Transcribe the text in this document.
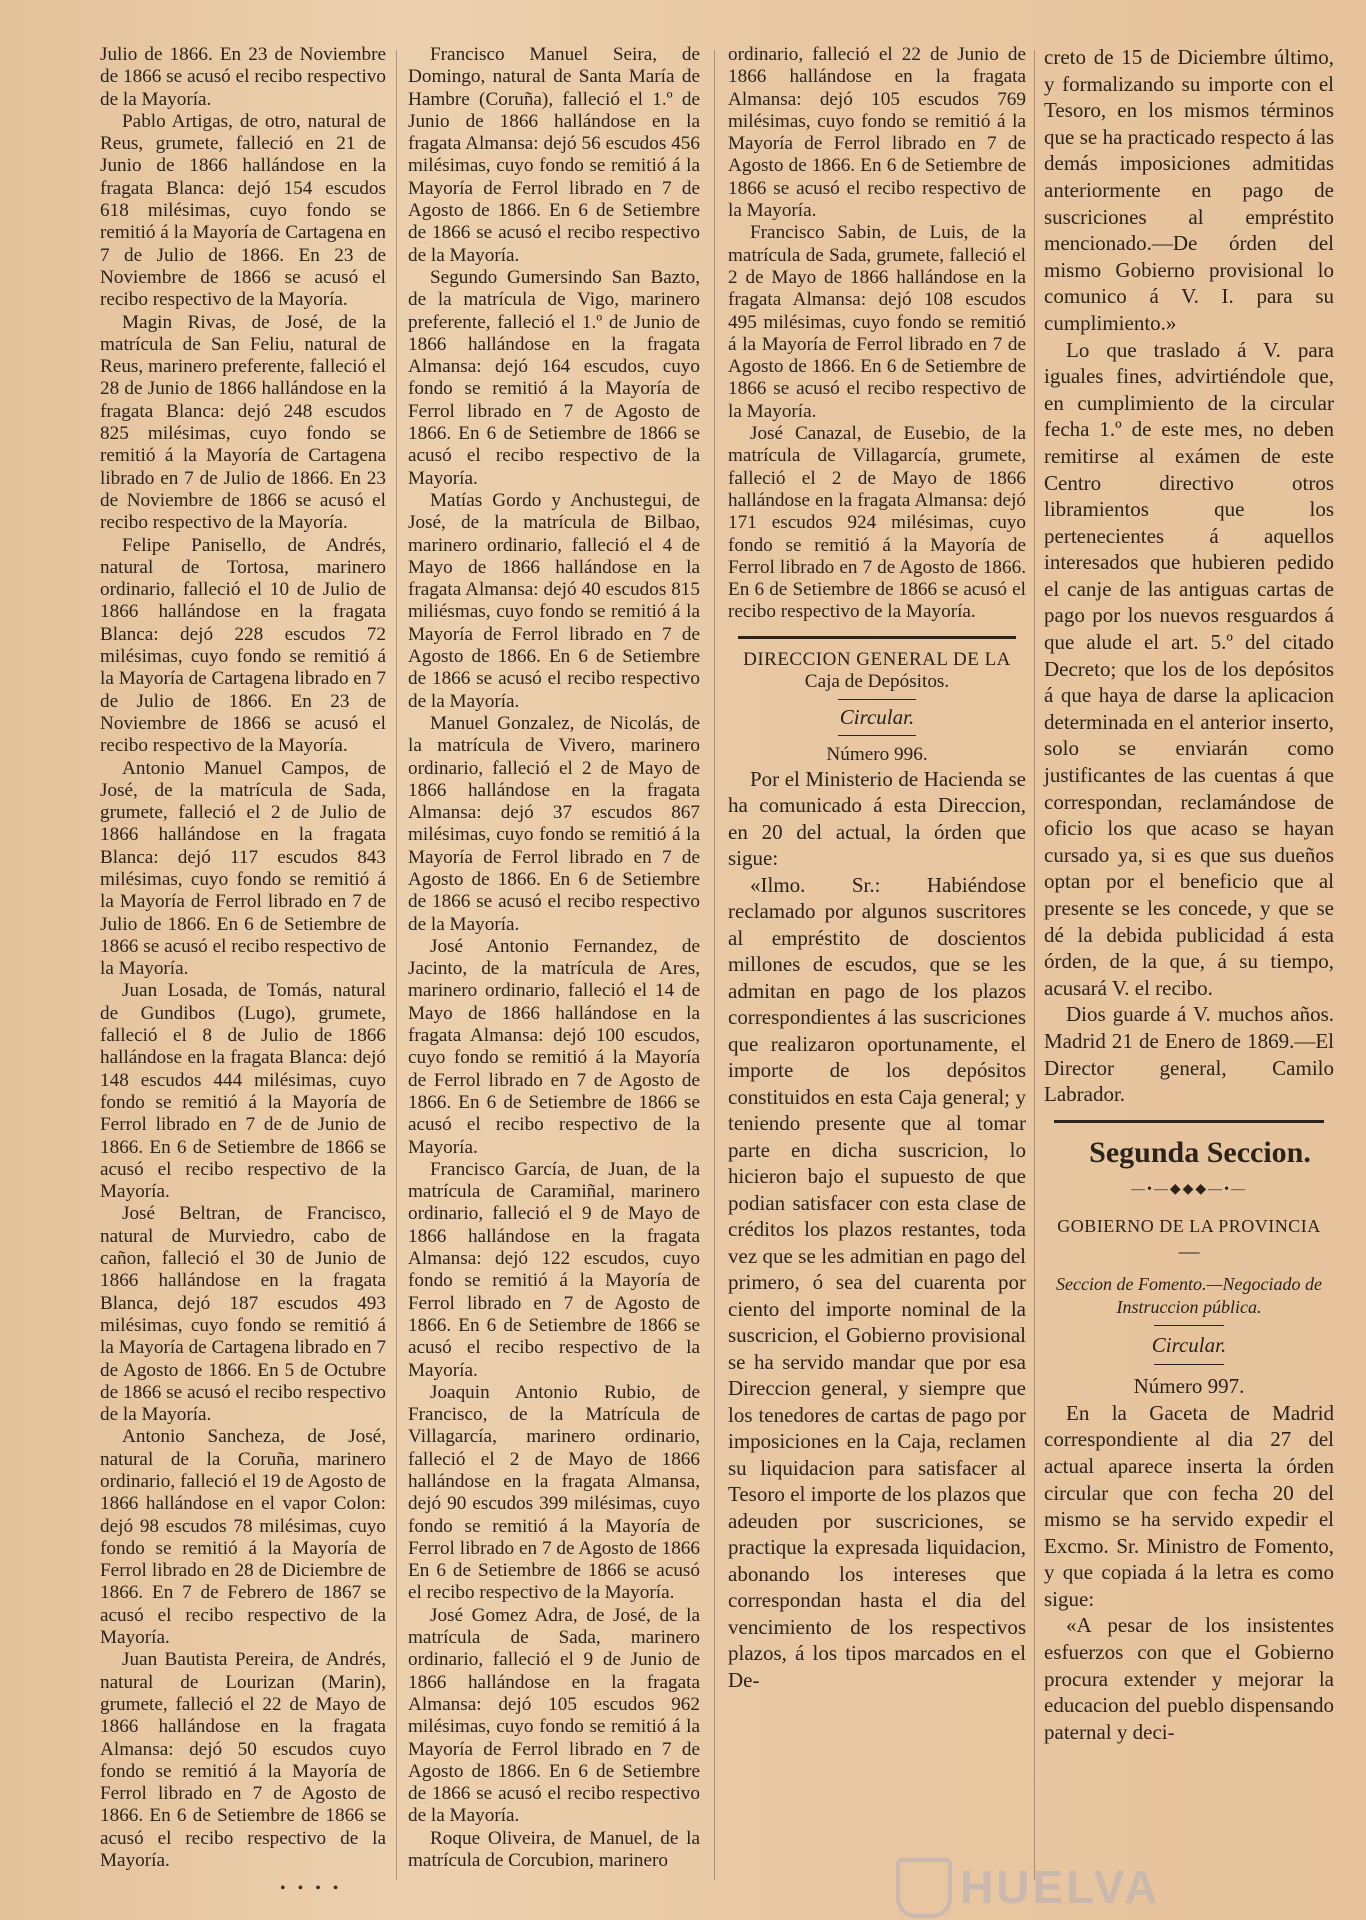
Julio de 1866. En 23 de Noviembre de 1866 se acusó el recibo respectivo de la Mayoría.

Pablo Artigas, de otro, natural de Reus, grumete, falleció en 21 de Junio de 1866 hallándose en la fragata Blanca: dejó 154 escudos 618 milésimas, cuyo fondo se remitió á la Mayoría de Cartagena en 7 de Julio de 1866. En 23 de Noviembre de 1866 se acusó el recibo respectivo de la Mayoría.

Magin Rivas, de José, de la matrícula de San Feliu, natural de Reus, marinero preferente, falleció el 28 de Junio de 1866 hallándose en la fragata Blanca: dejó 248 escudos 825 milésimas, cuyo fondo se remitió á la Mayoría de Cartagena librado en 7 de Julio de 1866. En 23 de Noviembre de 1866 se acusó el recibo respectivo de la Mayoría.

Felipe Panisello, de Andrés, natural de Tortosa, marinero ordinario, falleció el 10 de Julio de 1866 hallándose en la fragata Blanca: dejó 228 escudos 72 milésimas, cuyo fondo se remitió á la Mayoría de Cartagena librado en 7 de Julio de 1866. En 23 de Noviembre de 1866 se acusó el recibo respectivo de la Mayoría.

Antonio Manuel Campos, de José, de la matrícula de Sada, grumete, falleció el 2 de Julio de 1866 hallándose en la fragata Blanca: dejó 117 escudos 843 milésimas, cuyo fondo se remitió á la Mayoría de Ferrol librado en 7 de Julio de 1866. En 6 de Setiembre de 1866 se acusó el recibo respectivo de la Mayoría.

Juan Losada, de Tomás, natural de Gundibos (Lugo), grumete, falleció el 8 de Julio de 1866 hallándose en la fragata Blanca: dejó 148 escudos 444 milésimas, cuyo fondo se remitió á la Mayoría de Ferrol librado en 7 de de Junio de 1866. En 6 de Setiembre de 1866 se acusó el recibo respectivo de la Mayoría.

José Beltran, de Francisco, natural de Murviedro, cabo de cañon, falleció el 30 de Junio de 1866 hallándose en la fragata Blanca, dejó 187 escudos 493 milésimas, cuyo fondo se remitió á la Mayoría de Cartagena librado en 7 de Agosto de 1866. En 5 de Octubre de 1866 se acusó el recibo respectivo de la Mayoría.

Antonio Sancheza, de José, natural de la Coruña, marinero ordinario, falleció el 19 de Agosto de 1866 hallándose en el vapor Colon: dejó 98 escudos 78 milésimas, cuyo fondo se remitió á la Mayoría de Ferrol librado en 28 de Diciembre de 1866. En 7 de Febrero de 1867 se acusó el recibo respectivo de la Mayoría.

Juan Bautista Pereira, de Andrés, natural de Lourizan (Marin), grumete, falleció el 22 de Mayo de 1866 hallándose en la fragata Almansa: dejó 50 escudos cuyo fondo se remitió á la Mayoría de Ferrol librado en 7 de Agosto de 1866. En 6 de Setiembre de 1866 se acusó el recibo respectivo de la Mayoría.

Francisco Manuel Seira, de Domingo, natural de Santa María de Hambre (Coruña), falleció el 1.º de Junio de 1866 hallándose en la fragata Almansa: dejó 56 escudos 456 milésimas, cuyo fondo se remitió á la Mayoría de Ferrol librado en 7 de Agosto de 1866. En 6 de Setiembre de 1866 se acusó el recibo respectivo de la Mayoría.

Segundo Gumersindo San Bazto, de la matrícula de Vigo, marinero preferente, falleció el 1.º de Junio de 1866 hallándose en la fragata Almansa: dejó 164 escudos, cuyo fondo se remitió á la Mayoría de Ferrol librado en 7 de Agosto de 1866. En 6 de Setiembre de 1866 se acusó el recibo respectivo de la Mayoría.

Matías Gordo y Anchustegui, de José, de la matrícula de Bilbao, marinero ordinario, falleció el 4 de Mayo de 1866 hallándose en la fragata Almansa: dejó 40 escudos 815 miliésmas, cuyo fondo se remitió á la Mayoría de Ferrol librado en 7 de Agosto de 1866. En 6 de Setiembre de 1866 se acusó el recibo respectivo de la Mayoría.

Manuel Gonzalez, de Nicolás, de la matrícula de Vivero, marinero ordinario, falleció el 2 de Mayo de 1866 hallándose en la fragata Almansa: dejó 37 escudos 867 milésimas, cuyo fondo se remitió á la Mayoría de Ferrol librado en 7 de Agosto de 1866. En 6 de Setiembre de 1866 se acusó el recibo respectivo de la Mayoría.

José Antonio Fernandez, de Jacinto, de la matrícula de Ares, marinero ordinario, falleció el 14 de Mayo de 1866 hallándose en la fragata Almansa: dejó 100 escudos, cuyo fondo se remitió á la Mayoría de Ferrol librado en 7 de Agosto de 1866. En 6 de Setiembre de 1866 se acusó el recibo respectivo de la Mayoría.

Francisco García, de Juan, de la matrícula de Caramiñal, marinero ordinario, falleció el 9 de Mayo de 1866 hallándose en la fragata Almansa: dejó 122 escudos, cuyo fondo se remitió á la Mayoría de Ferrol librado en 7 de Agosto de 1866. En 6 de Setiembre de 1866 se acusó el recibo respectivo de la Mayoría.

Joaquin Antonio Rubio, de Francisco, de la Matrícula de Villagarcía, marinero ordinario, falleció el 2 de Mayo de 1866 hallándose en la fragata Almansa, dejó 90 escudos 399 milésimas, cuyo fondo se remitió á la Mayoría de Ferrol librado en 7 de Agosto de 1866 En 6 de Setiembre de 1866 se acusó el recibo respectivo de la Mayoría.

José Gomez Adra, de José, de la matrícula de Sada, marinero ordinario, falleció el 9 de Junio de 1866 hallándose en la fragata Almansa: dejó 105 escudos 962 milésimas, cuyo fondo se remitió á la Mayoría de Ferrol librado en 7 de Agosto de 1866. En 6 de Setiembre de 1866 se acusó el recibo respectivo de la Mayoría.

Roque Oliveira, de Manuel, de la matrícula de Corcubion, marinero

ordinario, falleció el 22 de Junio de 1866 hallándose en la fragata Almansa: dejó 105 escudos 769 milésimas, cuyo fondo se remitió á la Mayoría de Ferrol librado en 7 de Agosto de 1866. En 6 de Setiembre de 1866 se acusó el recibo respectivo de la Mayoría.

Francisco Sabin, de Luis, de la matrícula de Sada, grumete, falleció el 2 de Mayo de 1866 hallándose en la fragata Almansa: dejó 108 escudos 495 milésimas, cuyo fondo se remitió á la Mayoría de Ferrol librado en 7 de Agosto de 1866. En 6 de Setiembre de 1866 se acusó el recibo respectivo de la Mayoría.

José Canazal, de Eusebio, de la matrícula de Villagarcía, grumete, falleció el 2 de Mayo de 1866 hallándose en la fragata Almansa: dejó 171 escudos 924 milésimas, cuyo fondo se remitió á la Mayoría de Ferrol librado en 7 de Agosto de 1866. En 6 de Setiembre de 1866 se acusó el recibo respectivo de la Mayoría.

DIRECCION GENERAL DE LA

Caja de Depósitos.

Circular.

Número 996.

Por el Ministerio de Hacienda se ha comunicado á esta Direccion, en 20 del actual, la órden que sigue:

«Ilmo. Sr.: Habiéndose reclamado por algunos suscritores al empréstito de doscientos millones de escudos, que se les admitan en pago de los plazos correspondientes á las suscriciones que realizaron oportunamente, el importe de los depósitos constituidos en esta Caja general; y teniendo presente que al tomar parte en dicha suscricion, lo hicieron bajo el supuesto de que podian satisfacer con esta clase de créditos los plazos restantes, toda vez que se les admitian en pago del primero, ó sea del cuarenta por ciento del importe nominal de la suscricion, el Gobierno provisional se ha servido mandar que por esa Direccion general, y siempre que los tenedores de cartas de pago por imposiciones en la Caja, reclamen su liquidacion para satisfacer al Tesoro el importe de los plazos que adeuden por suscriciones, se practique la expresada liquidacion, abonando los intereses que correspondan hasta el dia del vencimiento de los respectivos plazos, á los tipos marcados en el De-

creto de 15 de Diciembre último, y formalizando su importe con el Tesoro, en los mismos términos que se ha practicado respecto á las demás imposiciones admitidas anteriormente en pago de suscriciones al empréstito mencionado.—De órden del mismo Gobierno provisional lo comunico á V. I. para su cumplimiento.»

Lo que traslado á V. para iguales fines, advirtiéndole que, en cumplimiento de la circular fecha 1.º de este mes, no deben remitirse al exámen de este Centro directivo otros libramientos que los pertenecientes á aquellos interesados que hubieren pedido el canje de las antiguas cartas de pago por los nuevos resguardos á que alude el art. 5.º del citado Decreto; que los de los depósitos á que haya de darse la aplicacion determinada en el anterior inserto, solo se enviarán como justificantes de las cuentas á que correspondan, reclamándose de oficio los que acaso se hayan cursado ya, si es que sus dueños optan por el beneficio que al presente se les concede, y que se dé la debida publicidad á esta órden, de la que, á su tiempo, acusará V. el recibo.

Dios guarde á V. muchos años. Madrid 21 de Enero de 1869.—El Director general, Camilo Labrador.

Segunda Seccion.

—•—◆◆◆—•—

GOBIERNO DE LA PROVINCIA

—

Seccion de Fomento.—Negociado de Instruccion pública.

Circular.

Número 997.

En la Gaceta de Madrid correspondiente al dia 27 del actual aparece inserta la órden circular que con fecha 20 del mismo se ha servido expedir el Excmo. Sr. Ministro de Fomento, y que copiada á la letra es como sigue:

«A pesar de los insistentes esfuerzos con que el Gobierno procura extender y mejorar la educacion del pueblo dispensando paternal y deci-

• • • •	HUELVA
